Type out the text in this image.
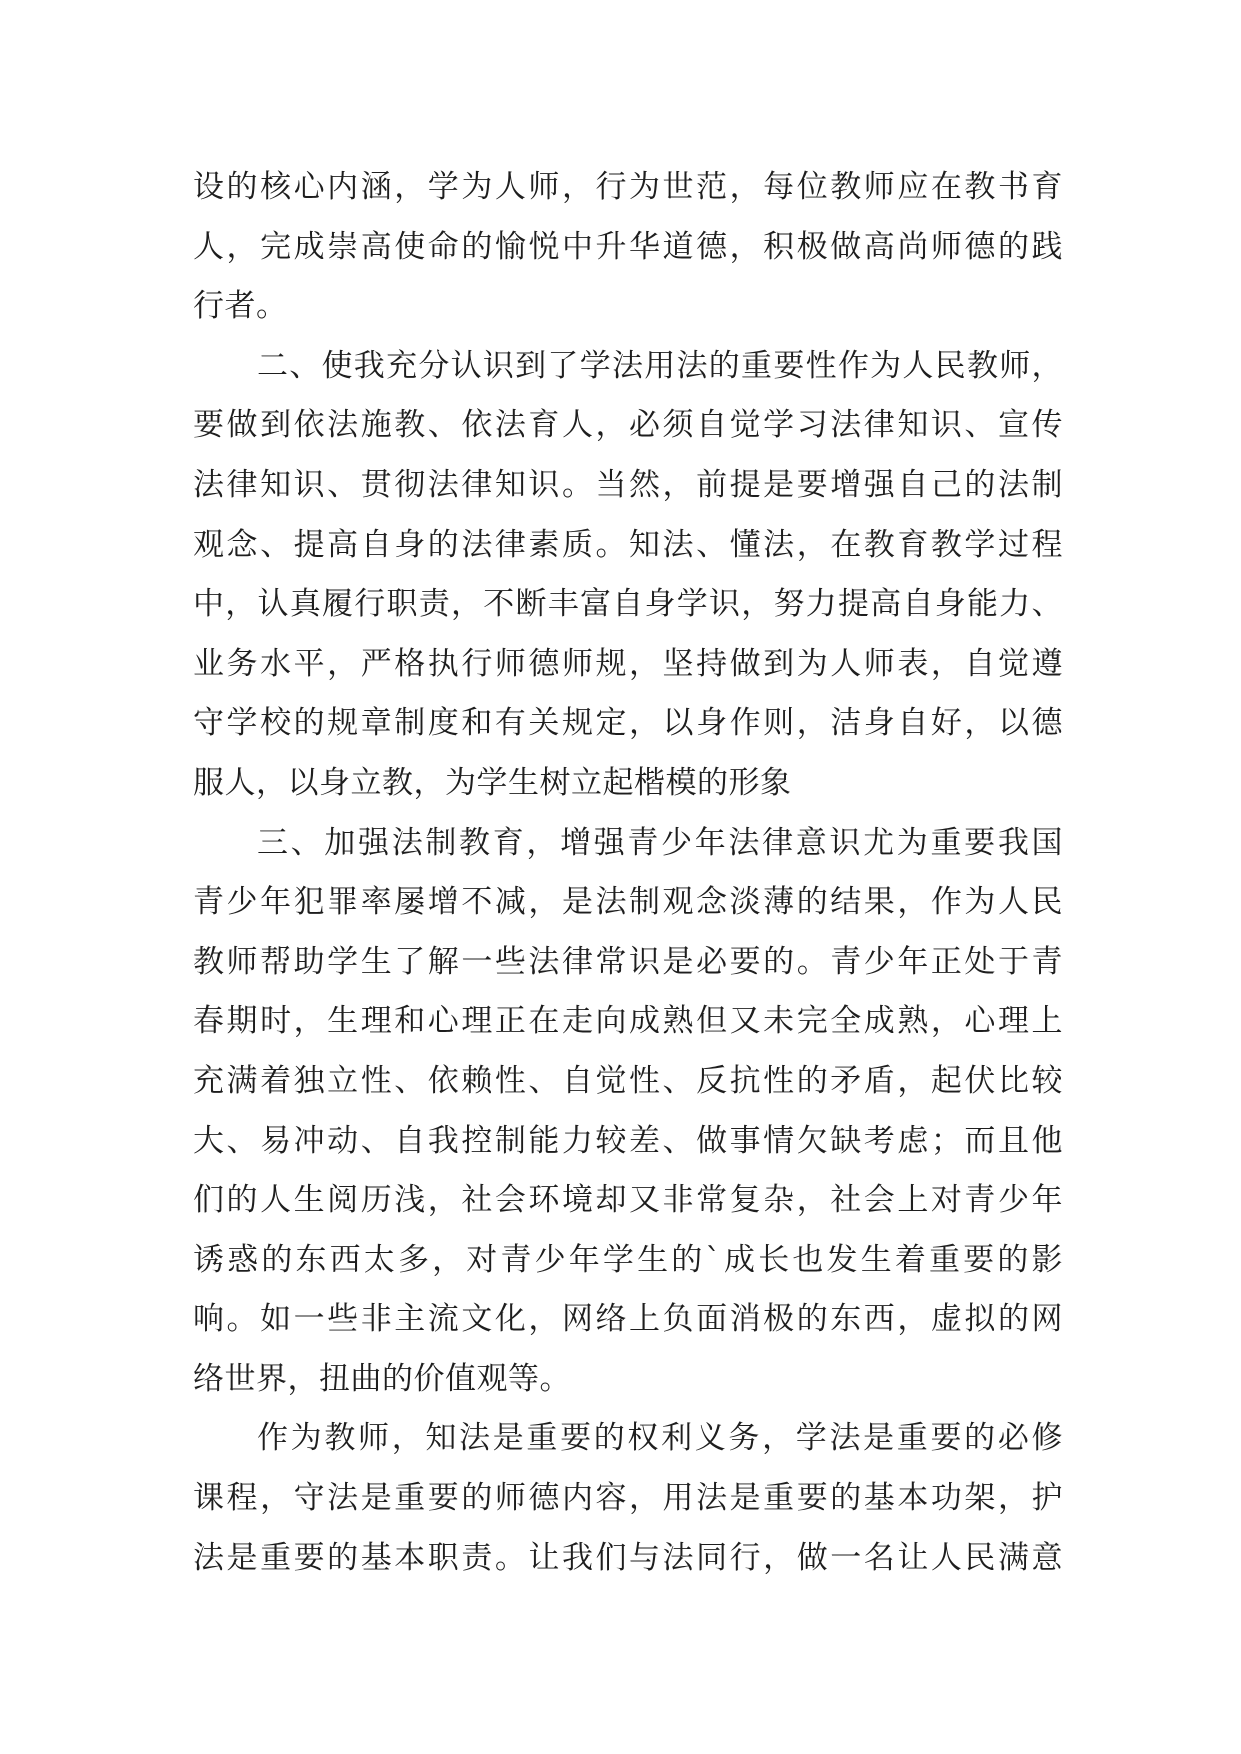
设的核心内涵，学为人师，行为世范，每位教师应在教书育
人，完成崇高使命的愉悦中升华道德，积极做高尚师德的践
行者。
二、使我充分认识到了学法用法的重要性作为人民教师，
要做到依法施教、依法育人，必须自觉学习法律知识、宣传
法律知识、贯彻法律知识。当然，前提是要增强自己的法制
观念、提高自身的法律素质。知法、懂法，在教育教学过程
中，认真履行职责，不断丰富自身学识，努力提高自身能力、
业务水平，严格执行师德师规，坚持做到为人师表，自觉遵
守学校的规章制度和有关规定，以身作则，洁身自好，以德
服人，以身立教，为学生树立起楷模的形象
三、加强法制教育，增强青少年法律意识尤为重要我国
青少年犯罪率屡增不减，是法制观念淡薄的结果，作为人民
教师帮助学生了解一些法律常识是必要的。青少年正处于青
春期时，生理和心理正在走向成熟但又未完全成熟，心理上
充满着独立性、依赖性、自觉性、反抗性的矛盾，起伏比较
大、易冲动、自我控制能力较差、做事情欠缺考虑；而且他
们的人生阅历浅，社会环境却又非常复杂，社会上对青少年
诱惑的东西太多，对青少年学生的`成长也发生着重要的影
响。如一些非主流文化，网络上负面消极的东西，虚拟的网
络世界，扭曲的价值观等。
作为教师，知法是重要的权利义务，学法是重要的必修
课程，守法是重要的师德内容，用法是重要的基本功架，护
法是重要的基本职责。让我们与法同行，做一名让人民满意
